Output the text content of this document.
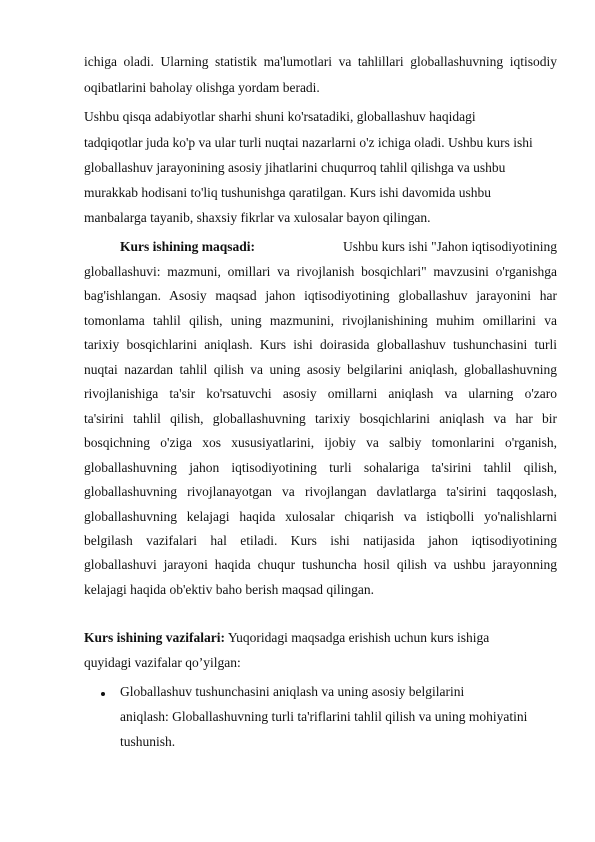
ichiga oladi. Ularning statistik ma'lumotlari va tahlillari globallashuvning iqtisodiy
oqibatlarini baholay olishga yordam beradi.
Ushbu qisqa adabiyotlar sharhi shuni ko'rsatadiki, globallashuv haqidagi
tadqiqotlar juda ko'p va ular turli nuqtai nazarlarni o'z ichiga oladi. Ushbu kurs ishi
globallashuv jarayonining asosiy jihatlarini chuqurroq tahlil qilishga va ushbu
murakkab hodisani to'liq tushunishga qaratilgan. Kurs ishi davomida ushbu
manbalarga tayanib, shaxsiy fikrlar va xulosalar bayon qilingan.
Kurs ishining maqsadi:	Ushbu kurs ishi "Jahon iqtisodiyotining
globallashuvi: mazmuni, omillari va rivojlanish bosqichlari" mavzusini o'rganishga
bag'ishlangan. Asosiy maqsad jahon iqtisodiyotining globallashuv jarayonini har
tomonlama tahlil qilish, uning mazmunini, rivojlanishining muhim omillarini va
tarixiy bosqichlarini aniqlash. Kurs ishi doirasida globallashuv tushunchasini turli
nuqtai nazardan tahlil qilish va uning asosiy belgilarini aniqlash, globallashuvning
rivojlanishiga ta'sir ko'rsatuvchi asosiy omillarni aniqlash va ularning o'zaro
ta'sirini tahlil qilish, globallashuvning tarixiy bosqichlarini aniqlash va har bir
bosqichning o'ziga xos xususiyatlarini, ijobiy va salbiy tomonlarini o'rganish,
globallashuvning jahon iqtisodiyotining turli sohalariga ta'sirini tahlil qilish,
globallashuvning rivojlanayotgan va rivojlangan davlatlarga ta'sirini taqqoslash,
globallashuvning kelajagi haqida xulosalar chiqarish va istiqbolli yo'nalishlarni
belgilash vazifalari hal etiladi. Kurs ishi natijasida jahon iqtisodiyotining
globallashuvi jarayoni haqida chuqur tushuncha hosil qilish va ushbu jarayonning
kelajagi haqida ob'ektiv baho berish maqsad qilingan.
Kurs ishining vazifalari: Yuqoridagi maqsadga erishish uchun kurs ishiga
quyidagi vazifalar qo’yilgan:
Globallashuv tushunchasini aniqlash va uning asosiy belgilarini
aniqlash: Globallashuvning turli ta'riflarini tahlil qilish va uning mohiyatini
tushunish.
